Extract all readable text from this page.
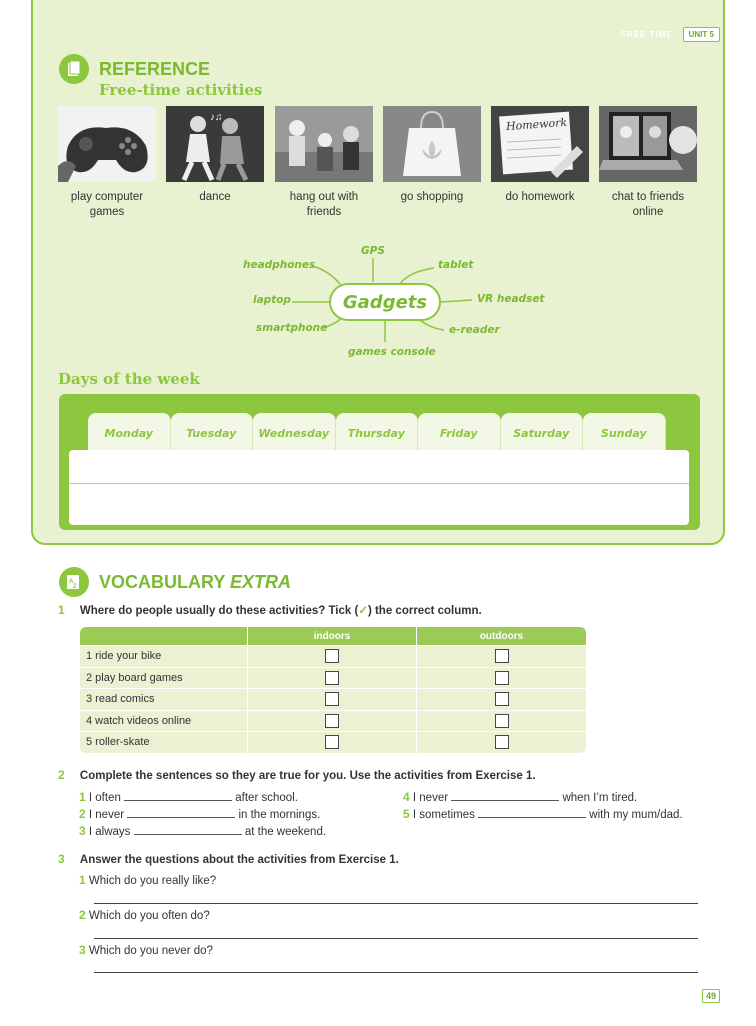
FREE TIME	UNIT 5
REFERENCE
Free-time activities
play computer games
♪♫
dance	hang out with friends
go shopping
Homework
do homework	chat to friends online
GPS
headphones	tablet
laptop	VR headset
smartphone	e-reader
games console
Gadgets
Days of the week
Monday	Tuesday	Wednesday	Thursday	Friday	Saturday	Sunday
A
Z VOCABULARY EXTRA
1 Where do people usually do these activities? Tick (✓) the correct column.
indoors	outdoors
1 ride your bike
2 play board games
3 read comics
4 watch videos online
5 roller-skate
2 Complete the sentences so they are true for you. Use the activities from Exercise 1.
1 I often	after school.
2 I never	in the mornings.
3 I always	at the weekend.
4 I never	when I’m tired.
5 I sometimes	with my mum/dad.
3 Answer the questions about the activities from Exercise 1.
1 Which do you really like?
2 Which do you often do?
3 Which do you never do?
49
